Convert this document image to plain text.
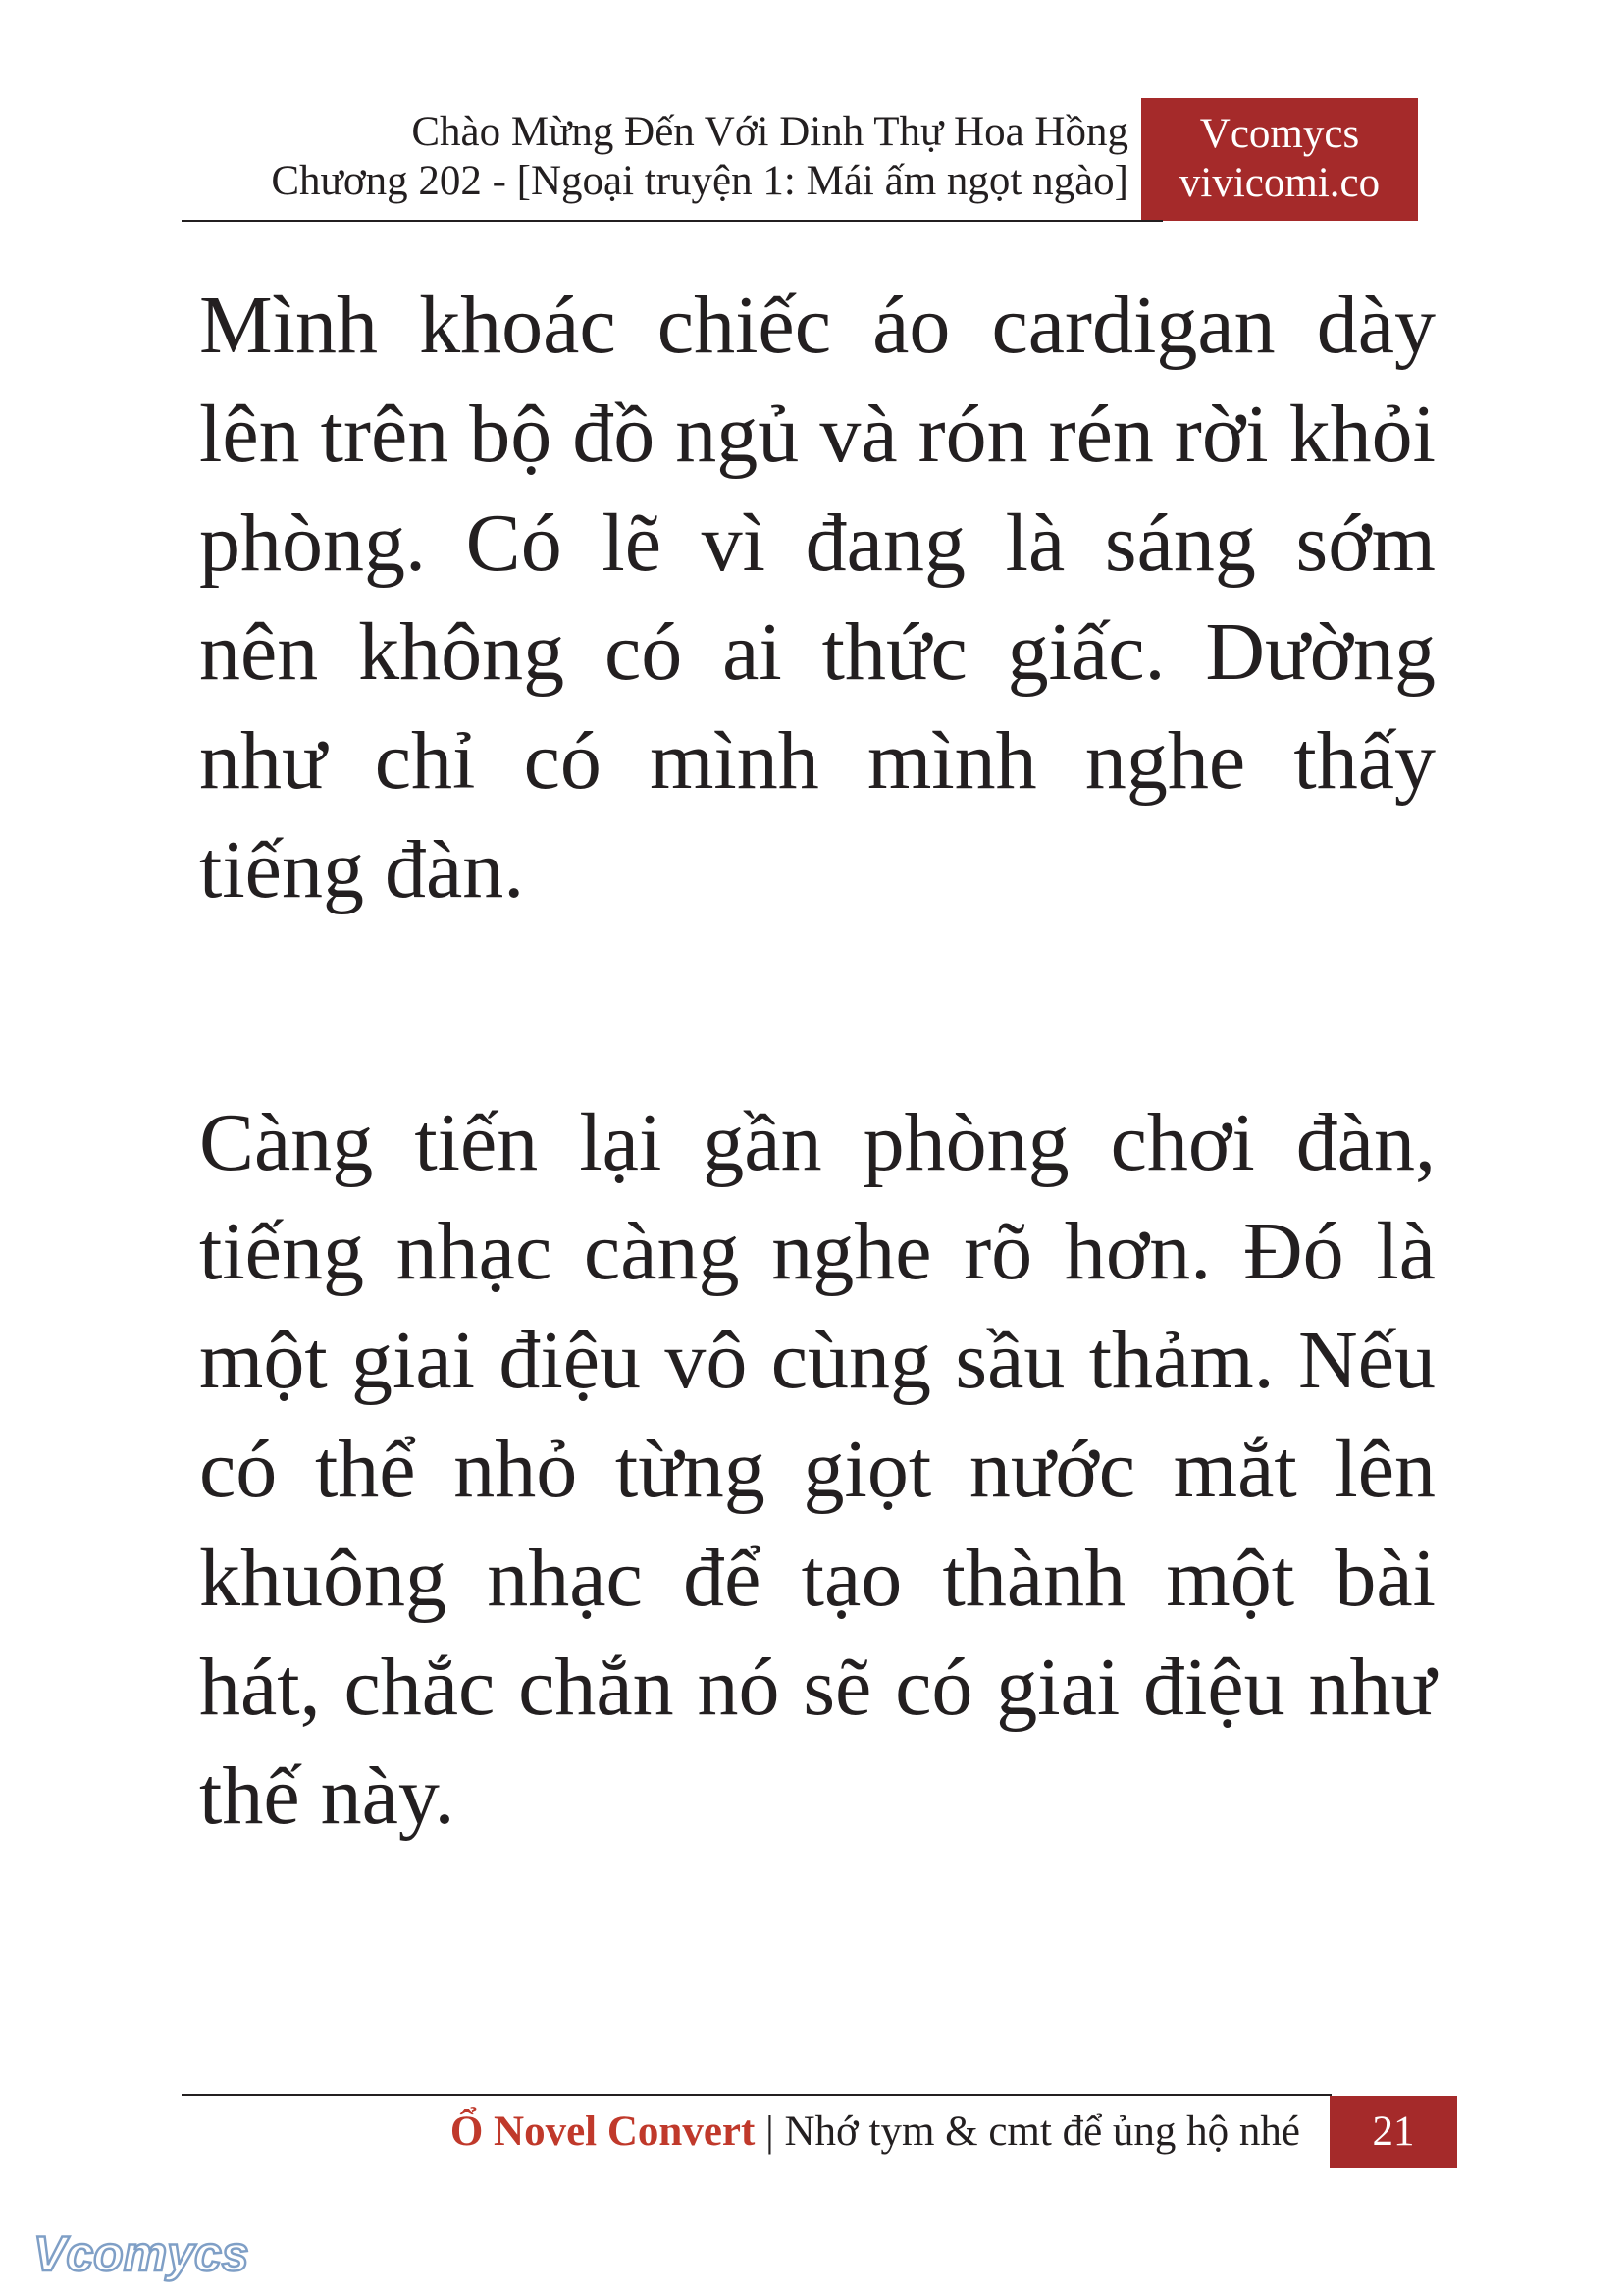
Chào Mừng Đến Với Dinh Thự Hoa Hồng
Chương 202 - [Ngoại truyện 1: Mái ấm ngọt ngào]
Vcomycs
vivicomi.co

Mình khoác chiếc áo cardigan dày lên trên bộ đồ ngủ và rón rén rời khỏi phòng. Có lẽ vì đang là sáng sớm nên không có ai thức giấc. Dường như chỉ có mình mình nghe thấy tiếng đàn.

Càng tiến lại gần phòng chơi đàn, tiếng nhạc càng nghe rõ hơn. Đó là một giai điệu vô cùng sầu thảm. Nếu có thể nhỏ từng giọt nước mắt lên khuông nhạc để tạo thành một bài hát, chắc chắn nó sẽ có giai điệu như thế này.

Ổ Novel Convert | Nhớ tym & cmt để ủng hộ nhé	21
Vcomycs
